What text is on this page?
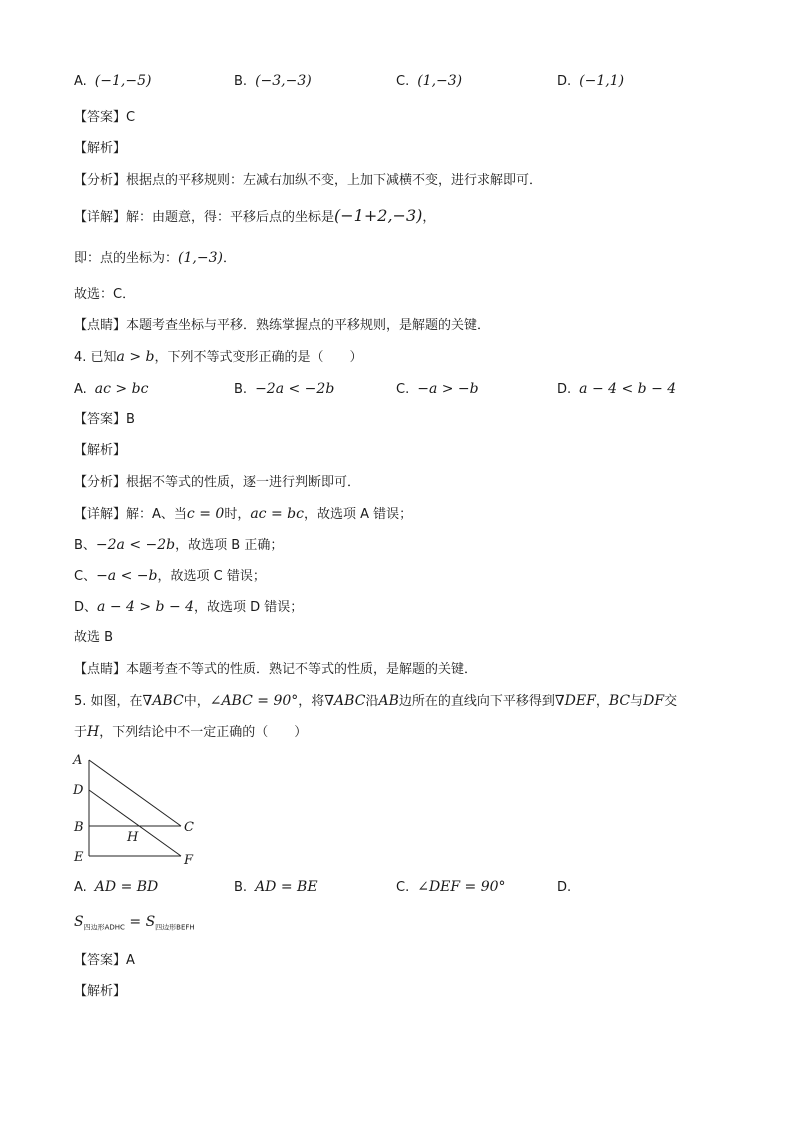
A. (−1,−5)	B. (−3,−3)	C. (1,−3)	D. (−1,1)
【答案】C
【解析】
【分析】根据点的平移规则：左减右加纵不变，上加下减横不变，进行求解即可．
【详解】解：由题意，得：平移后点的坐标是(−1+2,−3)，
即：点的坐标为：(1,−3)．
故选：C．
【点睛】本题考查坐标与平移．熟练掌握点的平移规则，是解题的关键．
4. 已知a > b，下列不等式变形正确的是（　　）
A. ac > bc	B. −2a < −2b	C. −a > −b	D. a − 4 < b − 4
【答案】B
【解析】
【分析】根据不等式的性质，逐一进行判断即可．
【详解】解：A、当c = 0时，ac = bc，故选项 A 错误；
B、−2a < −2b，故选项 B 正确；
C、−a < −b，故选项 C 错误；
D、a − 4 > b − 4，故选项 D 错误；
故选 B
【点睛】本题考查不等式的性质．熟记不等式的性质，是解题的关键．
5. 如图，在∇ABC中，∠ABC = 90°，将∇ABC沿AB边所在的直线向下平移得到∇DEF，BC与DF交
于H，下列结论中不一定正确的（　　）
A
D
B
E
C
F
H
A. AD = BD	B. AD = BE	C. ∠DEF = 90°	D.
$S_{四边形ADHC} = S_{四边形BEFH}$
【答案】A
【解析】
